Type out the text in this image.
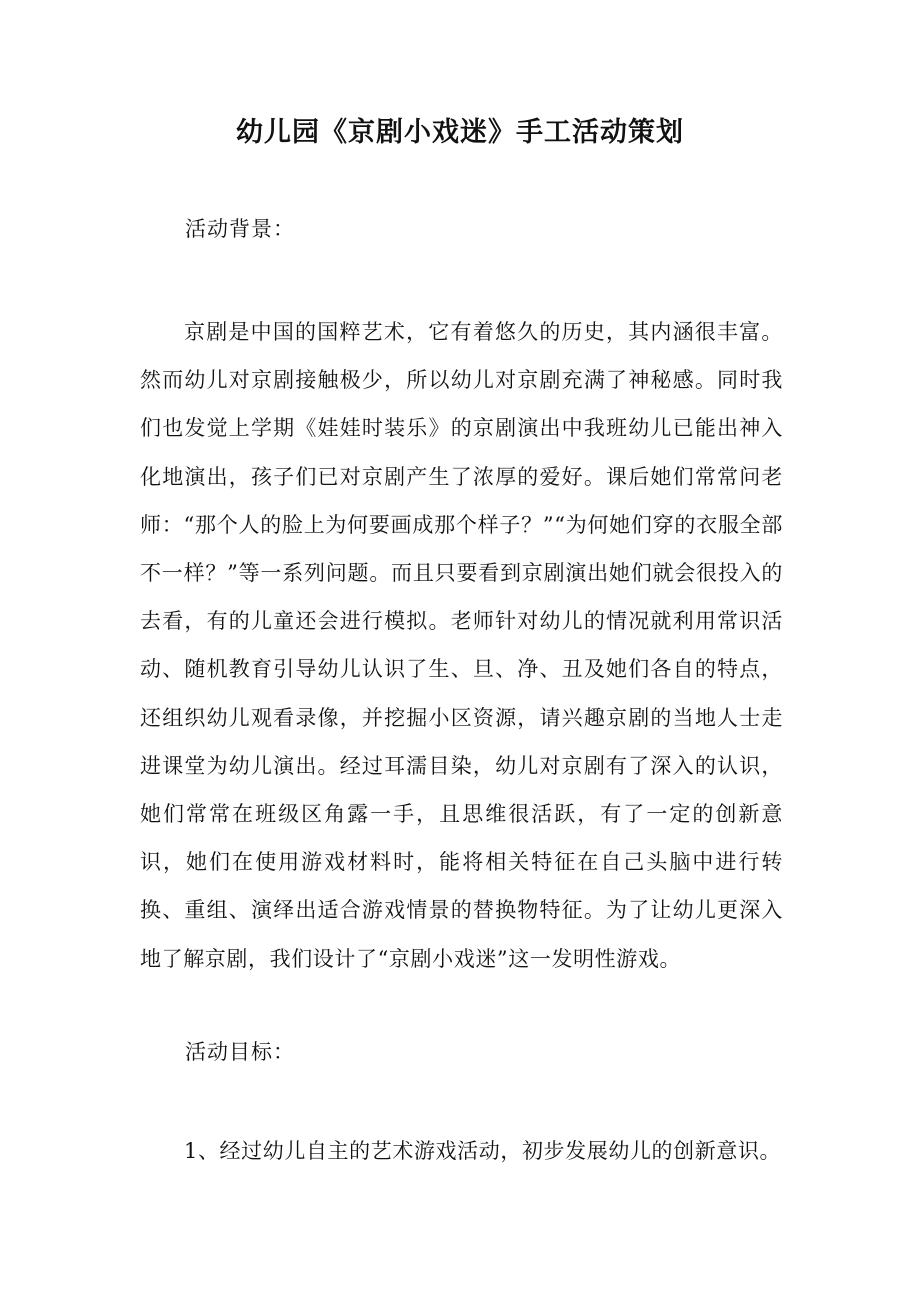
幼儿园《京剧小戏迷》手工活动策划

活动背景：

京剧是中国的国粹艺术，它有着悠久的历史，其内涵很丰富。然而幼儿对京剧接触极少，所以幼儿对京剧充满了神秘感。同时我们也发觉上学期《娃娃时装乐》的京剧演出中我班幼儿已能出神入化地演出，孩子们已对京剧产生了浓厚的爱好。课后她们常常问老师：“那个人的脸上为何要画成那个样子？”“为何她们穿的衣服全部不一样？”等一系列问题。而且只要看到京剧演出她们就会很投入的去看，有的儿童还会进行模拟。老师针对幼儿的情况就利用常识活动、随机教育引导幼儿认识了生、旦、净、丑及她们各自的特点，还组织幼儿观看录像，并挖掘小区资源，请兴趣京剧的当地人士走进课堂为幼儿演出。经过耳濡目染，幼儿对京剧有了深入的认识，她们常常在班级区角露一手，且思维很活跃，有了一定的创新意识，她们在使用游戏材料时，能将相关特征在自己头脑中进行转换、重组、演绎出适合游戏情景的替换物特征。为了让幼儿更深入地了解京剧，我们设计了“京剧小戏迷”这一发明性游戏。

活动目标：

1、经过幼儿自主的艺术游戏活动，初步发展幼儿的创新意识。
